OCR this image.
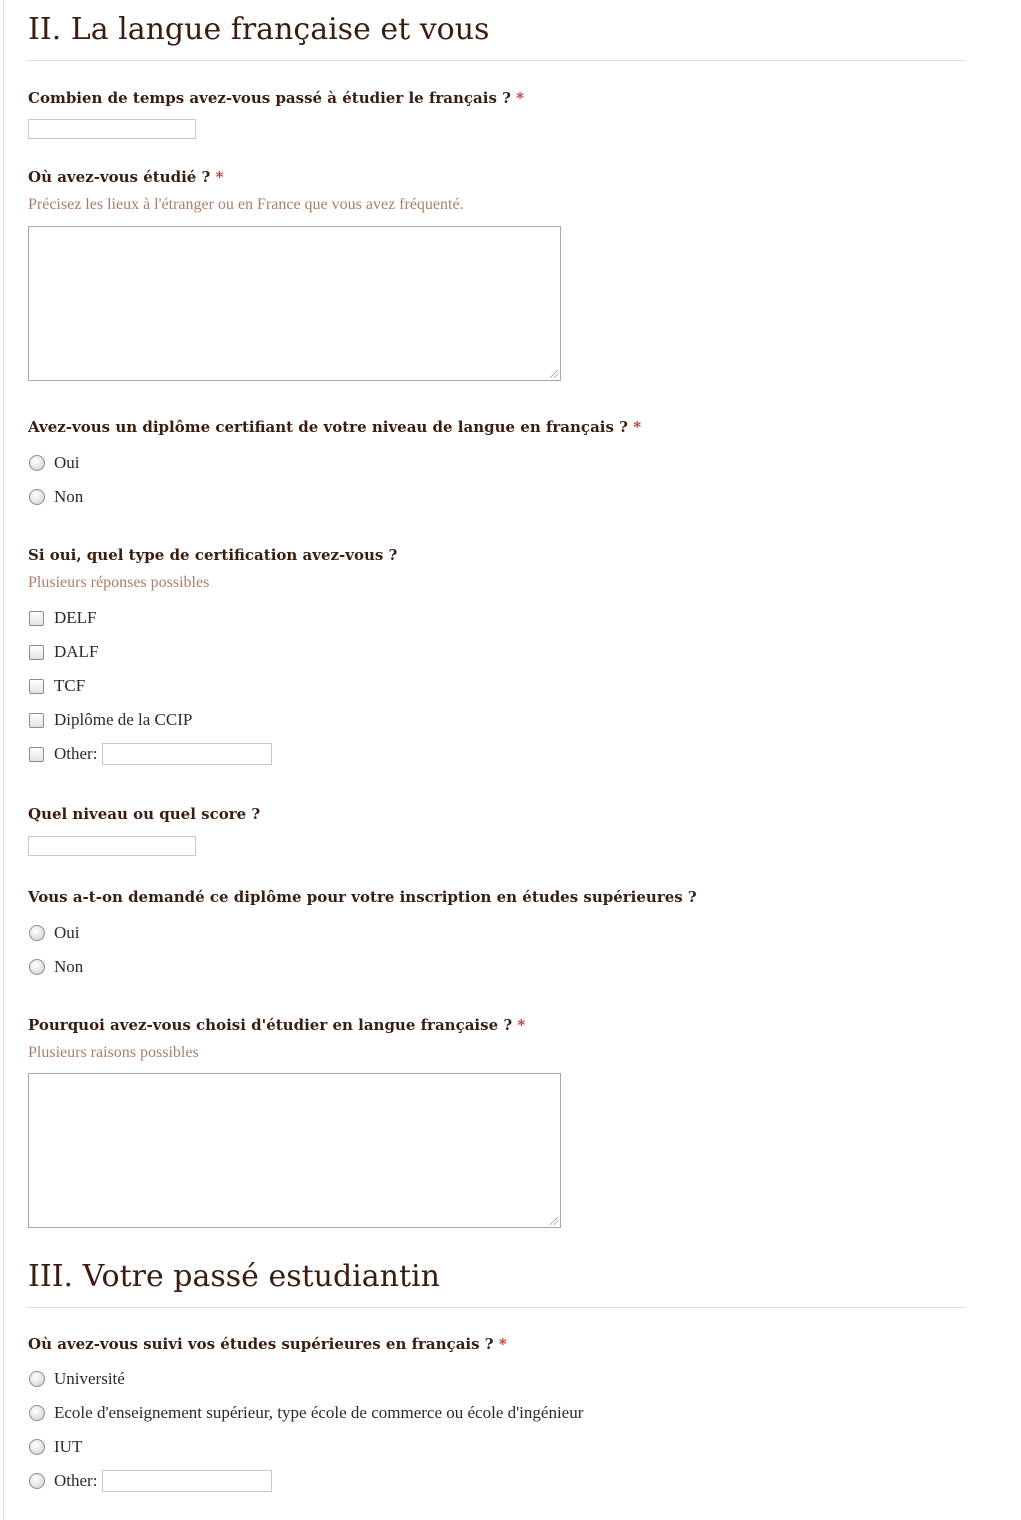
II. La langue française et vous
Combien de temps avez-vous passé à étudier le français ? *
Où avez-vous étudié ? *
Précisez les lieux à l'étranger ou en France que vous avez fréquenté.
Avez-vous un diplôme certifiant de votre niveau de langue en français ? *
Oui
Non
Si oui, quel type de certification avez-vous ?
Plusieurs réponses possibles
DELF
DALF
TCF
Diplôme de la CCIP
Other:
Quel niveau ou quel score ?
Vous a-t-on demandé ce diplôme pour votre inscription en études supérieures ?
Oui
Non
Pourquoi avez-vous choisi d'étudier en langue française ? *
Plusieurs raisons possibles
III. Votre passé estudiantin
Où avez-vous suivi vos études supérieures en français ? *
Université
Ecole d'enseignement supérieur, type école de commerce ou école d'ingénieur
IUT
Other:
